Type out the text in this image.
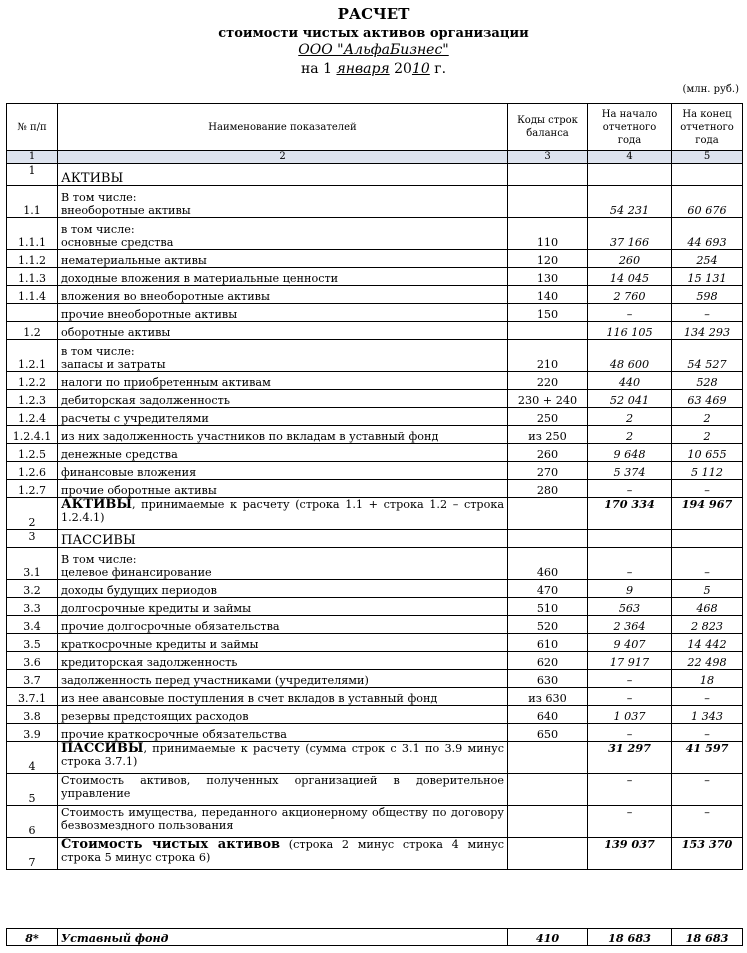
РАСЧЕТ
стоимости чистых активов организации
ООО "АльфаБизнес"
на 1 января 2010 г.
(млн. руб.)
№ п/п	Наименование показателей	Коды строк баланса	На начало отчетного года	На конец отчетного года
1	2	3	4	5
1	АКТИВЫ			
1.1	В том числе:
внеоборотные активы		54 231	60 676
1.1.1	в том числе:
основные средства	110	37 166	44 693
1.1.2	нематериальные активы	120	260	254
1.1.3	доходные вложения в материальные ценности	130	14 045	15 131
1.1.4	вложения во внеоборотные активы	140	2 760	598
	прочие внеоборотные активы	150	–	–
1.2	оборотные активы		116 105	134 293
1.2.1	в том числе:
запасы и затраты	210	48 600	54 527
1.2.2	налоги по приобретенным активам	220	440	528
1.2.3	дебиторская задолженность	230 + 240	52 041	63 469
1.2.4	расчеты с учредителями	250	2	2
1.2.4.1	из них задолженность участников по вкладам в уставный фонд	из 250	2	2
1.2.5	денежные средства	260	9 648	10 655
1.2.6	финансовые вложения	270	5 374	5 112
1.2.7	прочие оборотные активы	280	–	–
2	АКТИВЫ, принимаемые к расчету (строка 1.1 + строка 1.2 – строка 1.2.4.1)		170 334	194 967
3	ПАССИВЫ			
3.1	В том числе:
целевое финансирование	460	–	–
3.2	доходы будущих периодов	470	9	5
3.3	долгосрочные кредиты и займы	510	563	468
3.4	прочие долгосрочные обязательства	520	2 364	2 823
3.5	краткосрочные кредиты и займы	610	9 407	14 442
3.6	кредиторская задолженность	620	17 917	22 498
3.7	задолженность перед участниками (учредителями)	630	–	18
3.7.1	из нее авансовые поступления в счет вкладов в уставный фонд	из 630	–	–
3.8	резервы предстоящих расходов	640	1 037	1 343
3.9	прочие краткосрочные обязательства	650	–	–
4	ПАССИВЫ, принимаемые к расчету (сумма строк с 3.1 по 3.9 минус строка 3.7.1)		31 297	41 597
5	Стоимость активов, полученных организацией в доверительное управление		–	–
6	Стоимость имущества, переданного акционерному обществу по договору безвозмездного пользования		–	–
7	Стоимость чистых активов (строка 2 минус строка 4 минус строка 5 минус строка 6)		139 037	153 370
8*	Уставный фонд	410	18 683	18 683
